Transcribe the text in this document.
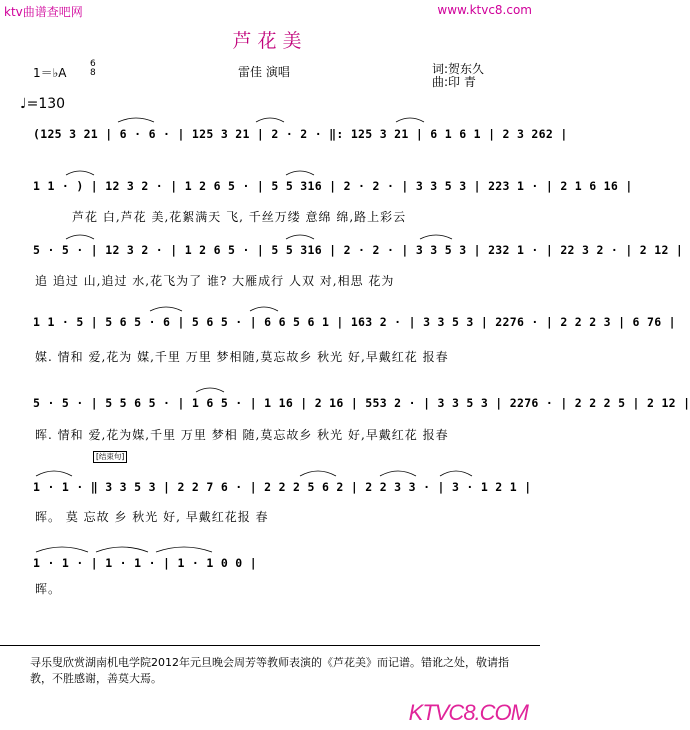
ktv曲谱查吧网	www.ktvc8.com
芦花美
1＝♭A
6
8	雷佳 演唱	词:贺东久
曲:印 青
♩=130
(125 3 21 | 6 · 6 · | 125 3 21 | 2 · 2 · ‖: 125 3 21 | 6 1 6 1 | 2 3 262 |
1 1 · ) | 12 3 2 · | 1 2 6 5 · | 5 5 316 | 2 · 2 · | 3 3 5 3 | 223 1 · | 2 1 6 16 |
芦花 白,芦花 美,花絮满天 飞, 千丝万缕 意绵 绵,路上彩云
5 · 5 · | 12 3 2 · | 1 2 6 5 · | 5 5 316 | 2 · 2 · | 3 3 5 3 | 232 1 · | 22 3 2 · | 2 12 |
追 追过 山,追过 水,花飞为了 谁? 大雁成行 人双 对,相思 花为
1 1 · 5 | 5 6 5 · 6 | 5 6 5 · | 6 6 5 6 1 | 163 2 · | 3 3 5 3 | 2276 · | 2 2 2 3 | 6 76 |
媒. 情和 爱,花为 媒,千里 万里 梦相随,莫忘故乡 秋光 好,早戴红花 报春
5 · 5 · | 5 5 6 5 · | 1 6 5 · | 1 16 | 2 16 | 553 2 · | 3 3 5 3 | 2276 · | 2 2 2 5 | 2 12 |
晖. 情和 爱,花为媒,千里 万里 梦相 随,莫忘故乡 秋光 好,早戴红花 报春
[结束句]
1 · 1 · ‖ 3 3 5 3 | 2 2 7 6 · | 2 2 2 5 6 2 | 2 2 3 3 · | 3 · 1 2 1 |
晖。 莫 忘故 乡 秋光 好, 早戴红花报 春
1 · 1 · | 1 · 1 · | 1 · 1 0 0 |
晖。
寻乐叟欣赏湖南机电学院2012年元旦晚会周芳等教师表演的《芦花美》而记谱。错讹之处，敬请指教，不胜感谢，善莫大焉。
KTVC8.COM
